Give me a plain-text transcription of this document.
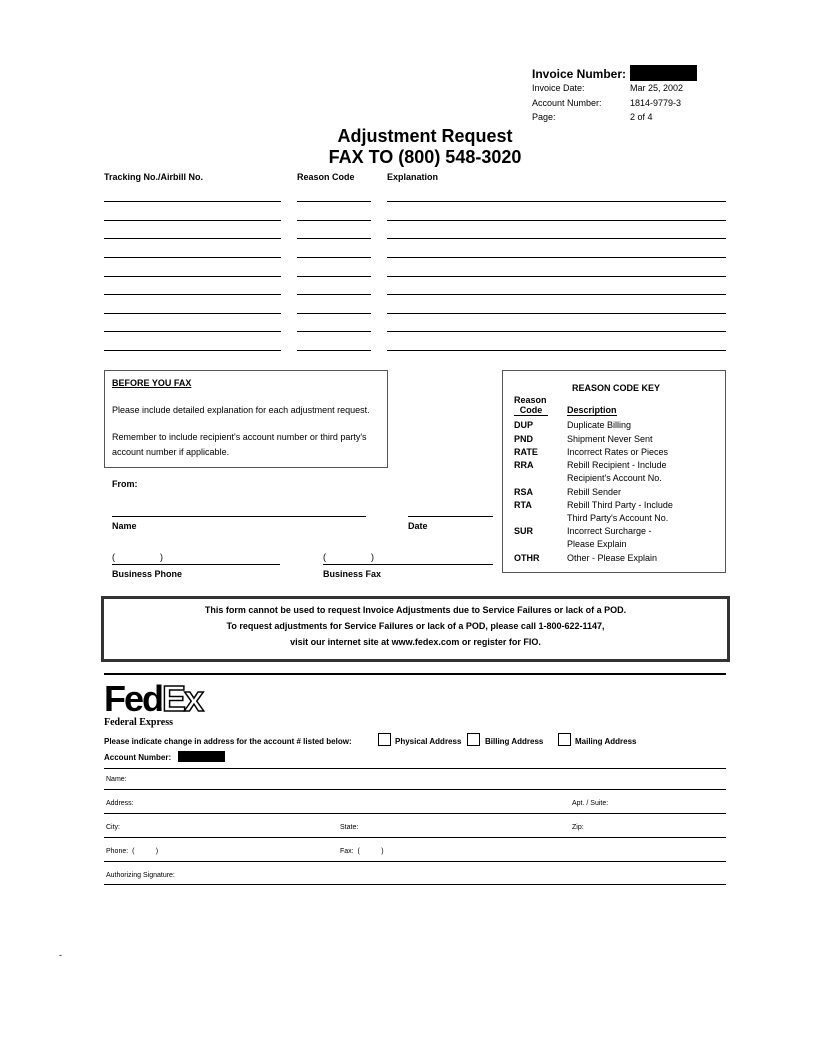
Invoice Number:
Invoice Date:	Mar 25, 2002
Account Number:	1814-9779-3
Page:	2 of 4
Adjustment Request
FAX TO (800) 548-3020
Tracking No./Airbill No.	Reason Code	Explanation
BEFORE YOU FAX
Please include detailed explanation for each adjustment request.
Remember to include recipient's account number or third party's
account number if applicable.
From:
Name	Date
(	)
Business Phone
(	)
Business Fax
REASON CODE KEY
Reason
Code	Description
DUP	Duplicate Billing
PND	Shipment Never Sent
RATE	Incorrect Rates or Pieces
RRA	Rebill Recipient - Include
Recipient's Account No.
RSA	Rebill Sender
RTA	Rebill Third Party - Include
Third Party's Account No.
SUR	Incorrect Surcharge -
Please Explain
OTHR	Other - Please Explain
This form cannot be used to request Invoice Adjustments due to Service Failures or lack of a POD.
To request adjustments for Service Failures or lack of a POD, please call 1-800-622-1147,
visit our internet site at www.fedex.com or register for FIO.
FedEx
Federal Express
Please indicate change in address for the account # listed below:	Physical Address	Billing Address	Mailing Address
Account Number:
Name:
Address:	Apt. / Suite:
City:	State:	Zip:
Phone:  (           )	Fax:  (           )
Authorizing Signature:
-
